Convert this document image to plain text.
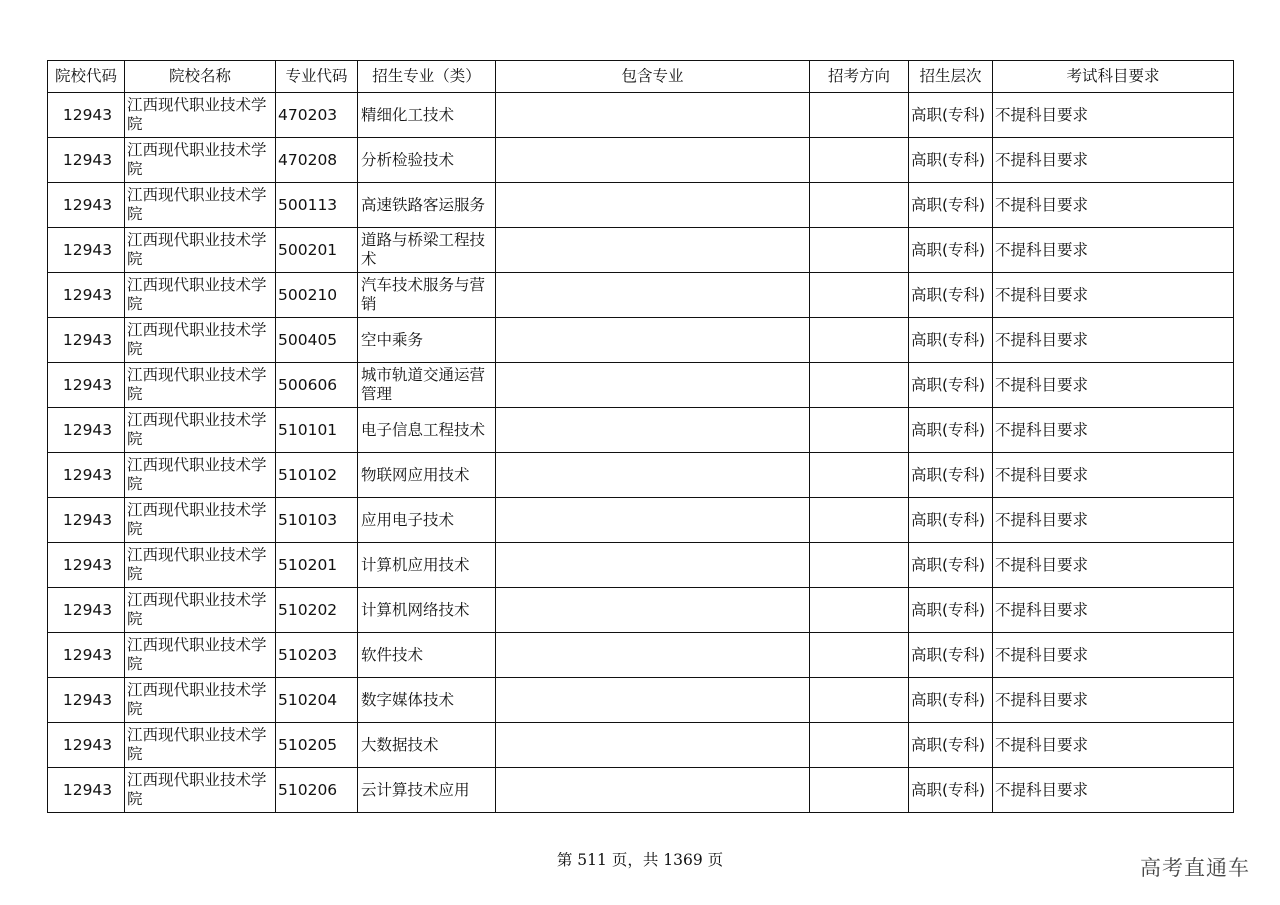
院校代码	院校名称	专业代码	招生专业（类）	包含专业	招考方向	招生层次	考试科目要求
12943	江西现代职业技术学院	470203	精细化工技术			高职(专科)	不提科目要求
12943	江西现代职业技术学院	470208	分析检验技术			高职(专科)	不提科目要求
12943	江西现代职业技术学院	500113	高速铁路客运服务			高职(专科)	不提科目要求
12943	江西现代职业技术学院	500201	道路与桥梁工程技术			高职(专科)	不提科目要求
12943	江西现代职业技术学院	500210	汽车技术服务与营销			高职(专科)	不提科目要求
12943	江西现代职业技术学院	500405	空中乘务			高职(专科)	不提科目要求
12943	江西现代职业技术学院	500606	城市轨道交通运营管理			高职(专科)	不提科目要求
12943	江西现代职业技术学院	510101	电子信息工程技术			高职(专科)	不提科目要求
12943	江西现代职业技术学院	510102	物联网应用技术			高职(专科)	不提科目要求
12943	江西现代职业技术学院	510103	应用电子技术			高职(专科)	不提科目要求
12943	江西现代职业技术学院	510201	计算机应用技术			高职(专科)	不提科目要求
12943	江西现代职业技术学院	510202	计算机网络技术			高职(专科)	不提科目要求
12943	江西现代职业技术学院	510203	软件技术			高职(专科)	不提科目要求
12943	江西现代职业技术学院	510204	数字媒体技术			高职(专科)	不提科目要求
12943	江西现代职业技术学院	510205	大数据技术			高职(专科)	不提科目要求
12943	江西现代职业技术学院	510206	云计算技术应用			高职(专科)	不提科目要求
第 511 页，共 1369 页	高考直通车
